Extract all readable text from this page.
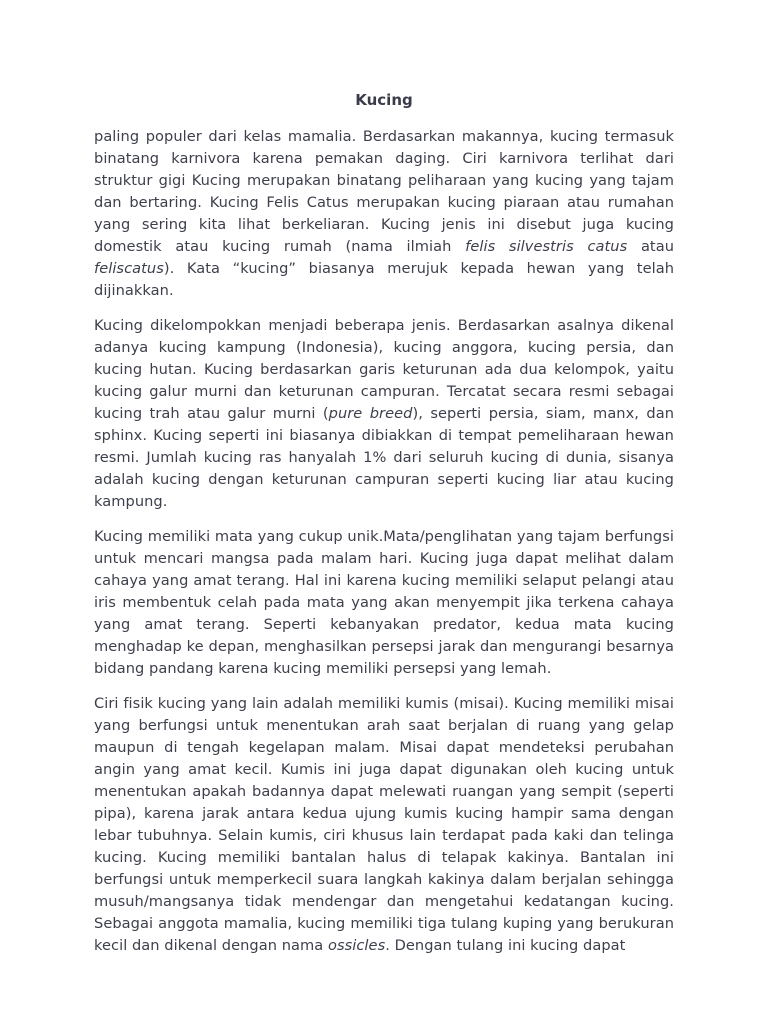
Kucing

paling populer dari kelas mamalia. Berdasarkan makannya, kucing termasuk binatang karnivora karena pemakan daging. Ciri karnivora terlihat dari struktur gigi Kucing merupakan binatang peliharaan yang kucing yang tajam dan bertaring. Kucing Felis Catus merupakan kucing piaraan atau rumahan yang sering kita lihat berkeliaran. Kucing jenis ini disebut juga kucing domestik atau kucing rumah (nama ilmiah felis silvestris catus atau feliscatus). Kata “kucing” biasanya merujuk kepada hewan yang telah dijinakkan.

Kucing dikelompokkan menjadi beberapa jenis. Berdasarkan asalnya dikenal adanya kucing kampung (Indonesia), kucing anggora, kucing persia, dan kucing hutan. Kucing berdasarkan garis keturunan ada dua kelompok, yaitu kucing galur murni dan keturunan campuran. Tercatat secara resmi sebagai kucing trah atau galur murni (pure breed), seperti persia, siam, manx, dan sphinx. Kucing seperti ini biasanya dibiakkan di tempat pemeliharaan hewan resmi. Jumlah kucing ras hanyalah 1% dari seluruh kucing di dunia, sisanya adalah kucing dengan keturunan campuran seperti kucing liar atau kucing kampung.

Kucing memiliki mata yang cukup unik.Mata/penglihatan yang tajam berfungsi untuk mencari mangsa pada malam hari. Kucing juga dapat melihat dalam cahaya yang amat terang. Hal ini karena kucing memiliki selaput pelangi atau iris membentuk celah pada mata yang akan menyempit jika terkena cahaya yang amat terang. Seperti kebanyakan predator, kedua mata kucing menghadap ke depan, menghasilkan persepsi jarak dan mengurangi besarnya bidang pandang karena kucing memiliki persepsi yang lemah.

Ciri fisik kucing yang lain adalah memiliki kumis (misai). Kucing memiliki misai yang berfungsi untuk menentukan arah saat berjalan di ruang yang gelap maupun di tengah kegelapan malam. Misai dapat mendeteksi perubahan angin yang amat kecil. Kumis ini juga dapat digunakan oleh kucing untuk menentukan apakah badannya dapat melewati ruangan yang sempit (seperti pipa), karena jarak antara kedua ujung kumis kucing hampir sama dengan lebar tubuhnya. Selain kumis, ciri khusus lain terdapat pada kaki dan telinga kucing. Kucing memiliki bantalan halus di telapak kakinya. Bantalan ini berfungsi untuk memperkecil suara langkah kakinya dalam berjalan sehingga musuh/mangsanya tidak mendengar dan mengetahui kedatangan kucing. Sebagai anggota mamalia, kucing memiliki tiga tulang kuping yang berukuran kecil dan dikenal dengan nama ossicles. Dengan tulang ini kucing dapat
